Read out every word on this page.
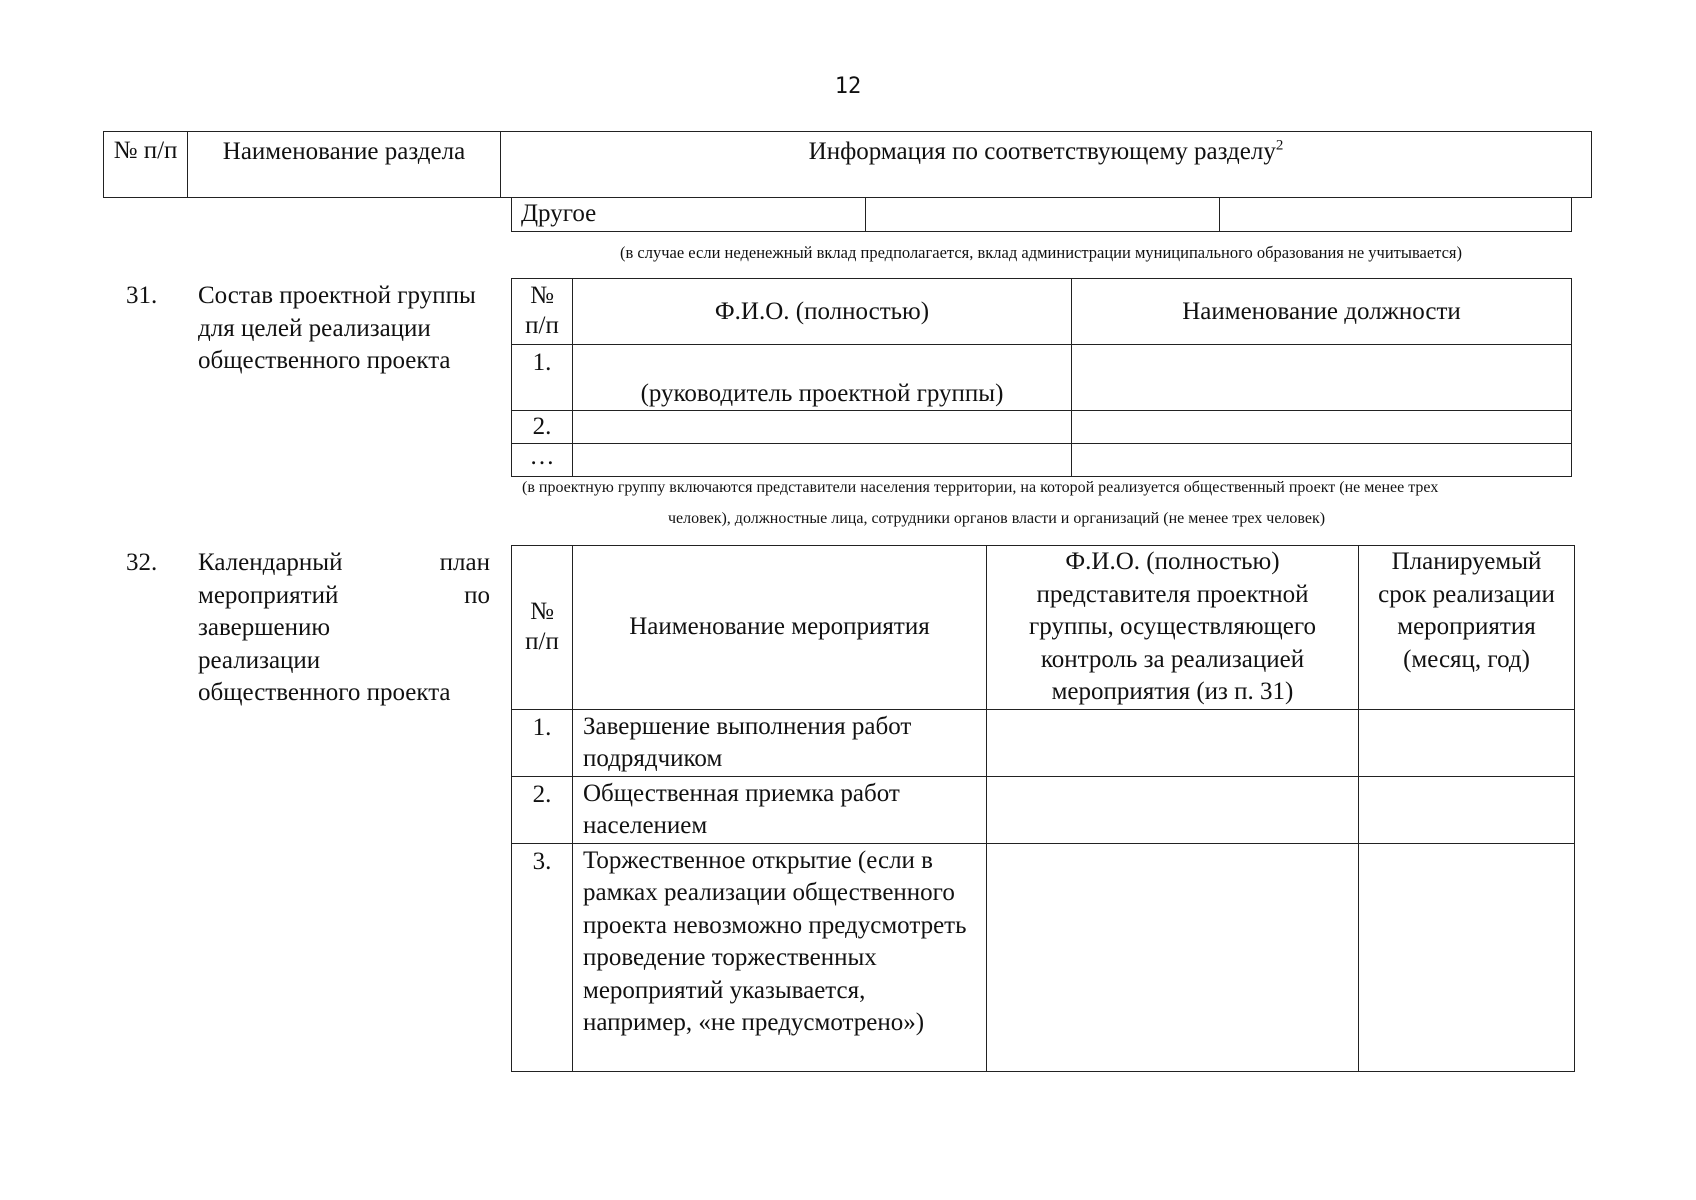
12
№ п/п	Наименование раздела	Информация по соответствующему разделу$^2$
Другое		
(в случае если неденежный вклад предполагается, вклад администрации муниципального образования не учитывается)
31. Состав проектной группы для целей реализации общественного проекта
№ п/п	Ф.И.О. (полностью)	Наименование должности
1.	(руководитель проектной группы)	
2.		
…		
(в проектную группу включаются представители населения территории, на которой реализуется общественный проект (не менее трех
человек), должностные лица, сотрудники органов власти и организаций (не менее трех человек)
32. Календарный	план
мероприятий	по
завершению
реализации
общественного проекта
№ п/п	Наименование мероприятия	Ф.И.О. (полностью) представителя проектной группы, осуществляющего контроль за реализацией мероприятия (из п. 31)	Планируемый срок реализации мероприятия (месяц, год)
1.	Завершение выполнения работ подрядчиком		
2.	Общественная приемка работ населением		
3.	Торжественное открытие (если в рамках реализации общественного проекта невозможно предусмотреть проведение торжественных мероприятий указывается, например, «не предусмотрено»)		
